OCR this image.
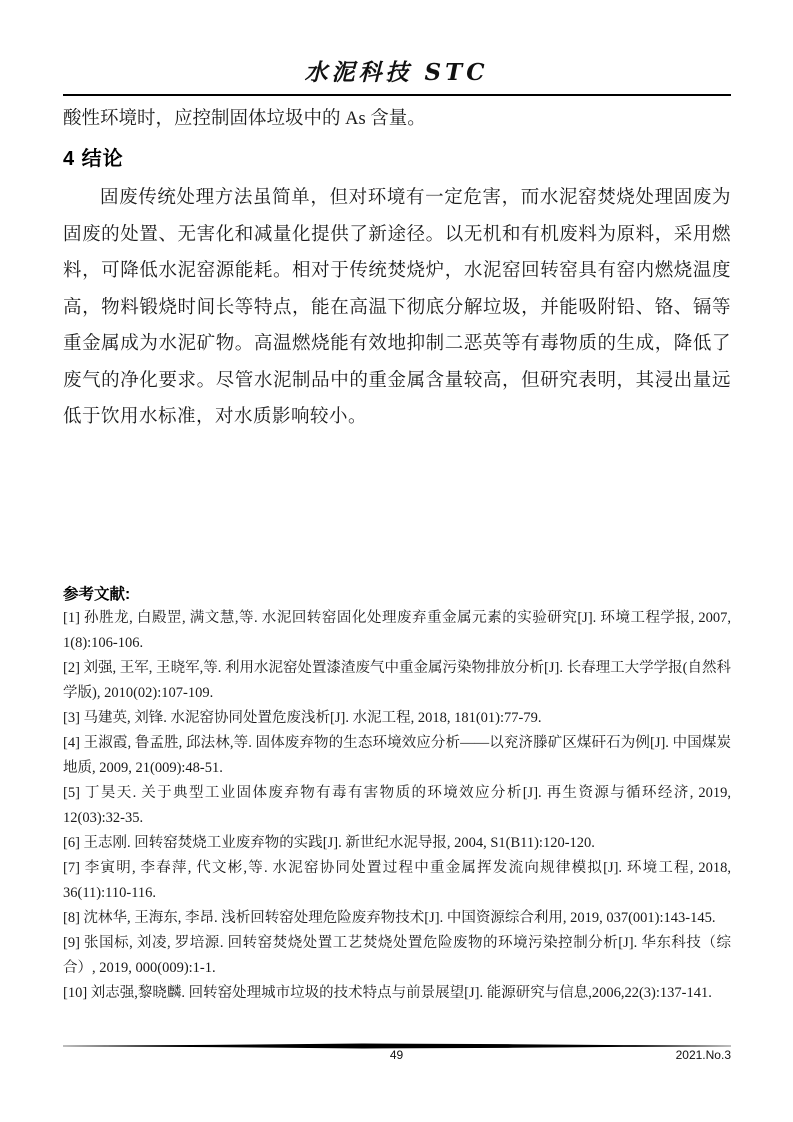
水泥科技 STC

酸性环境时，应控制固体垃圾中的 As 含量。

4 结论

固废传统处理方法虽简单，但对环境有一定危害，而水泥窑焚烧处理固废为固废的处置、无害化和减量化提供了新途径。以无机和有机废料为原料，采用燃料，可降低水泥窑源能耗。相对于传统焚烧炉，水泥窑回转窑具有窑内燃烧温度高，物料锻烧时间长等特点，能在高温下彻底分解垃圾，并能吸附铅、铬、镉等重金属成为水泥矿物。高温燃烧能有效地抑制二恶英等有毒物质的生成，降低了废气的净化要求。尽管水泥制品中的重金属含量较高，但研究表明，其浸出量远低于饮用水标准，对水质影响较小。

参考文献:

[1] 孙胜龙, 白殿罡, 满文慧,等. 水泥回转窑固化处理废弃重金属元素的实验研究[J]. 环境工程学报, 2007, 1(8):106-106.

[2] 刘强, 王军, 王晓军,等. 利用水泥窑处置漆渣废气中重金属污染物排放分析[J]. 长春理工大学学报(自然科学版), 2010(02):107-109.

[3] 马建英, 刘锋. 水泥窑协同处置危废浅析[J]. 水泥工程, 2018, 181(01):77-79.

[4] 王淑霞, 鲁孟胜, 邱法林,等. 固体废弃物的生态环境效应分析——以兖济滕矿区煤矸石为例[J]. 中国煤炭地质, 2009, 21(009):48-51.

[5] 丁昊天. 关于典型工业固体废弃物有毒有害物质的环境效应分析[J]. 再生资源与循环经济, 2019, 12(03):32-35.

[6] 王志刚. 回转窑焚烧工业废弃物的实践[J]. 新世纪水泥导报, 2004, S1(B11):120-120.

[7] 李寅明, 李春萍, 代文彬,等. 水泥窑协同处置过程中重金属挥发流向规律模拟[J]. 环境工程, 2018, 36(11):110-116.

[8] 沈林华, 王海东, 李昂. 浅析回转窑处理危险废弃物技术[J]. 中国资源综合利用, 2019, 037(001):143-145.

[9] 张国标, 刘凌, 罗培源. 回转窑焚烧处置工艺焚烧处置危险废物的环境污染控制分析[J]. 华东科技（综合）, 2019, 000(009):1-1.

[10] 刘志强,黎晓麟. 回转窑处理城市垃圾的技术特点与前景展望[J]. 能源研究与信息,2006,22(3):137-141.

49	2021.No.3
